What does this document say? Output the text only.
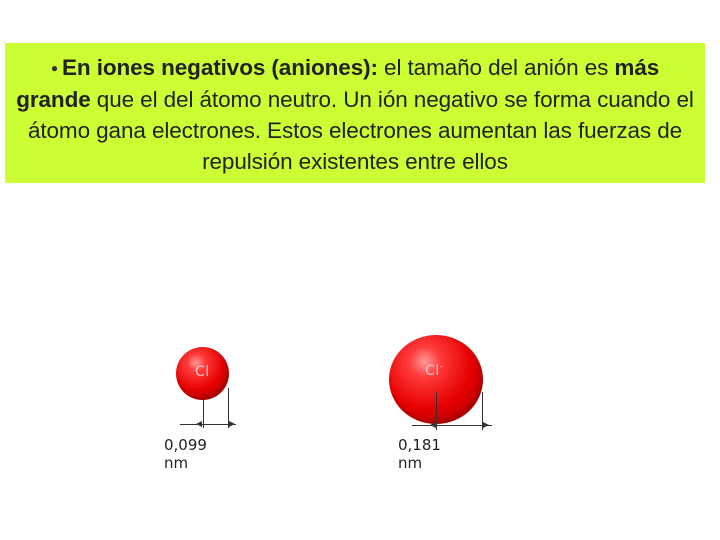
● En iones negativos (aniones): el tamaño del anión es más grande que el del átomo neutro. Un ión negativo se forma cuando el átomo gana electrones. Estos electrones aumentan las fuerzas de repulsión existentes entre ellos
Cl
0,099 nm
Cl-
0,181 nm
